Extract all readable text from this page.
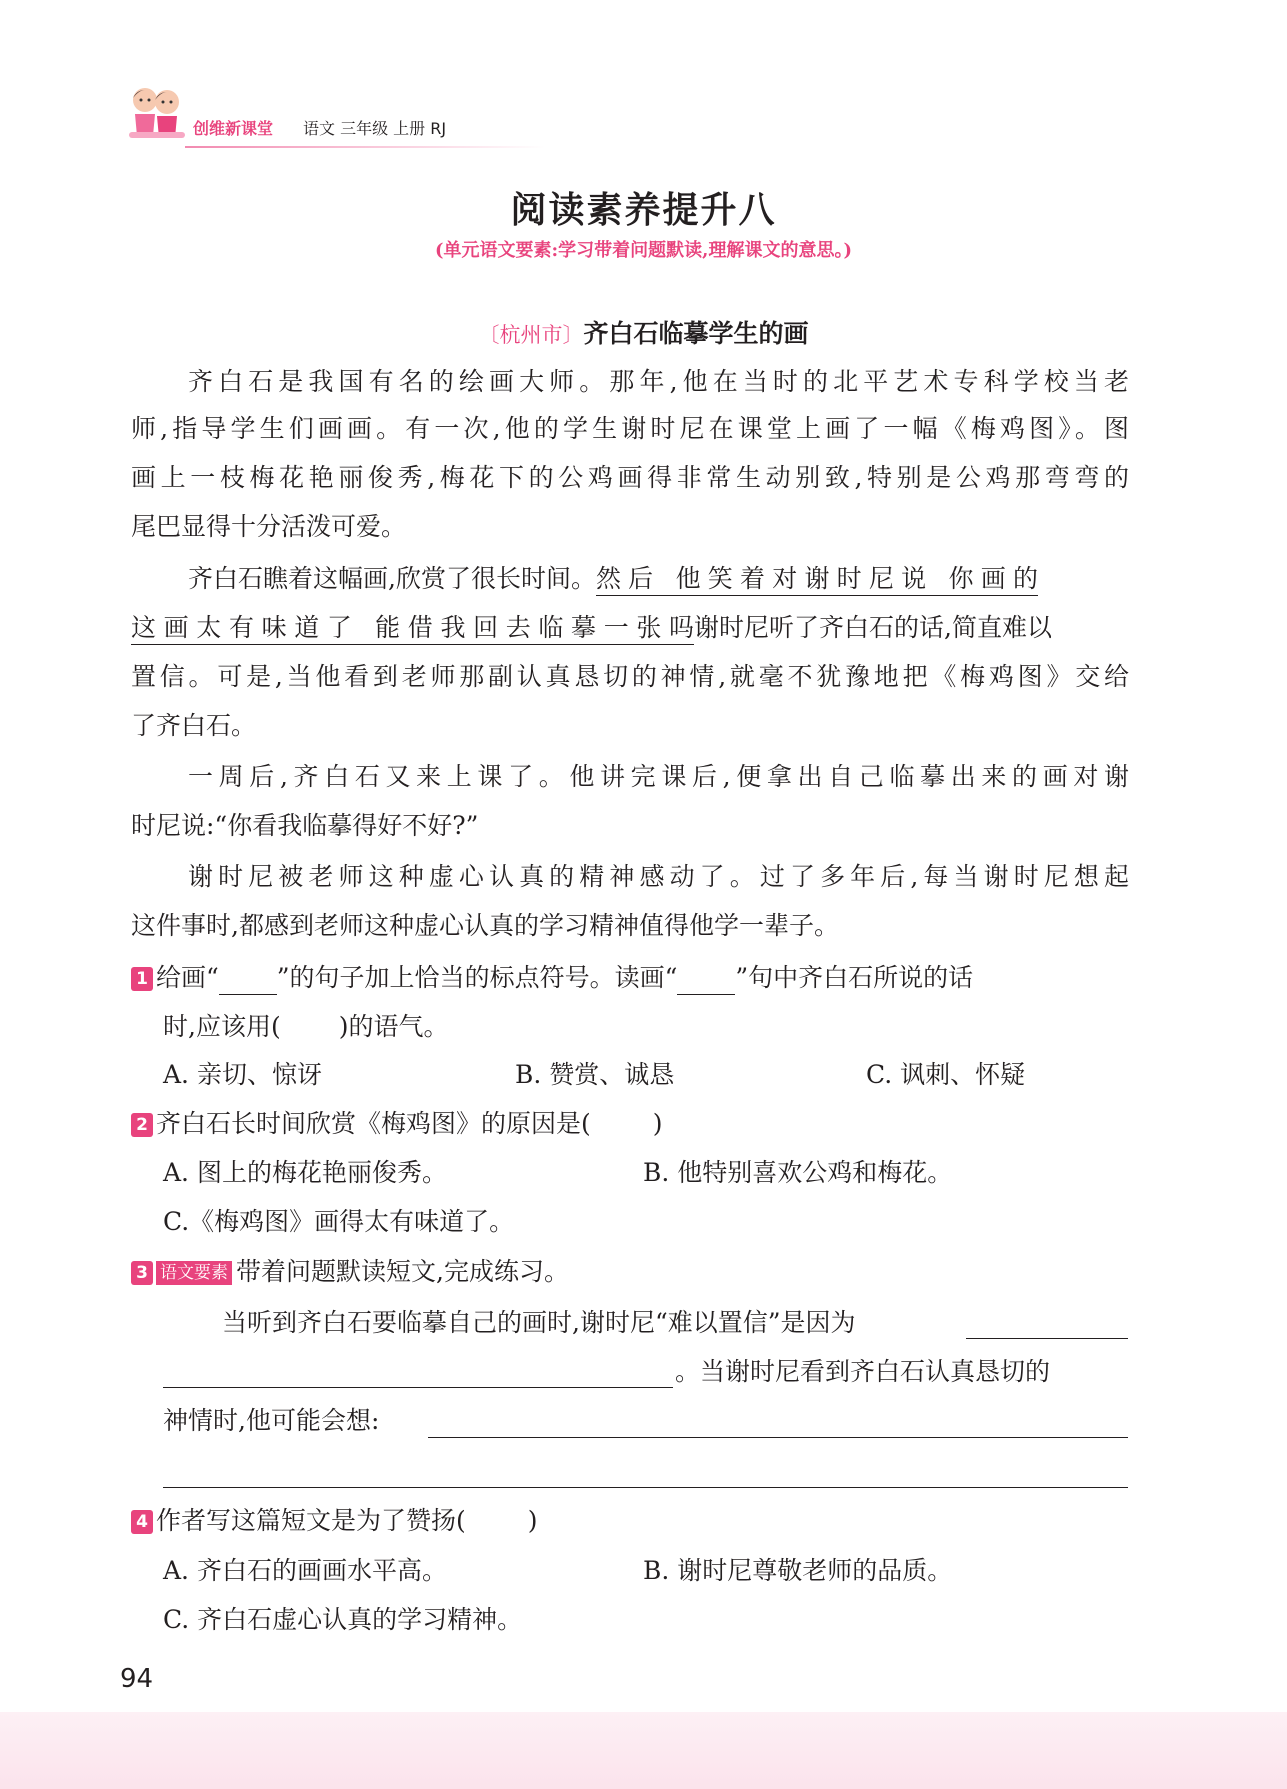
创维新课堂 语文 三年级 上册 RJ
阅读素养提升八
(单元语文要素:学习带着问题默读,理解课文的意思。)
〔杭州市〕齐白石临摹学生的画
齐白石是我国有名的绘画大师。那年,他在当时的北平艺术专科学校当老
师,指导学生们画画。有一次,他的学生谢时尼在课堂上画了一幅《梅鸡图》。图
画上一枝梅花艳丽俊秀,梅花下的公鸡画得非常生动别致,特别是公鸡那弯弯的
尾巴显得十分活泼可爱。
齐白石瞧着这幅画,欣赏了很长时间。然后 他笑着对谢时尼说 你画的
这画太有味道了 能借我回去临摹一张吗谢时尼听了齐白石的话,简直难以
置信。可是,当他看到老师那副认真恳切的神情,就毫不犹豫地把《梅鸡图》交给
了齐白石。
一周后,齐白石又来上课了。他讲完课后,便拿出自己临摹出来的画对谢
时尼说:“你看我临摹得好不好?”
谢时尼被老师这种虚心认真的精神感动了。过了多年后,每当谢时尼想起
这件事时,都感到老师这种虚心认真的学习精神值得他学一辈子。
1 给画“ ”的句子加上恰当的标点符号。读画“ ”句中齐白石所说的话
时,应该用( )的语气。
A. 亲切、惊讶	B. 赞赏、诚恳	C. 讽刺、怀疑
2 齐白石长时间欣赏《梅鸡图》的原因是( )
A. 图上的梅花艳丽俊秀。	B. 他特别喜欢公鸡和梅花。
C.《梅鸡图》画得太有味道了。
3 语文要素 带着问题默读短文,完成练习。
当听到齐白石要临摹自己的画时,谢时尼“难以置信”是因为
。当谢时尼看到齐白石认真恳切的
神情时,他可能会想:
4 作者写这篇短文是为了赞扬( )
A. 齐白石的画画水平高。	B. 谢时尼尊敬老师的品质。
C. 齐白石虚心认真的学习精神。
94
